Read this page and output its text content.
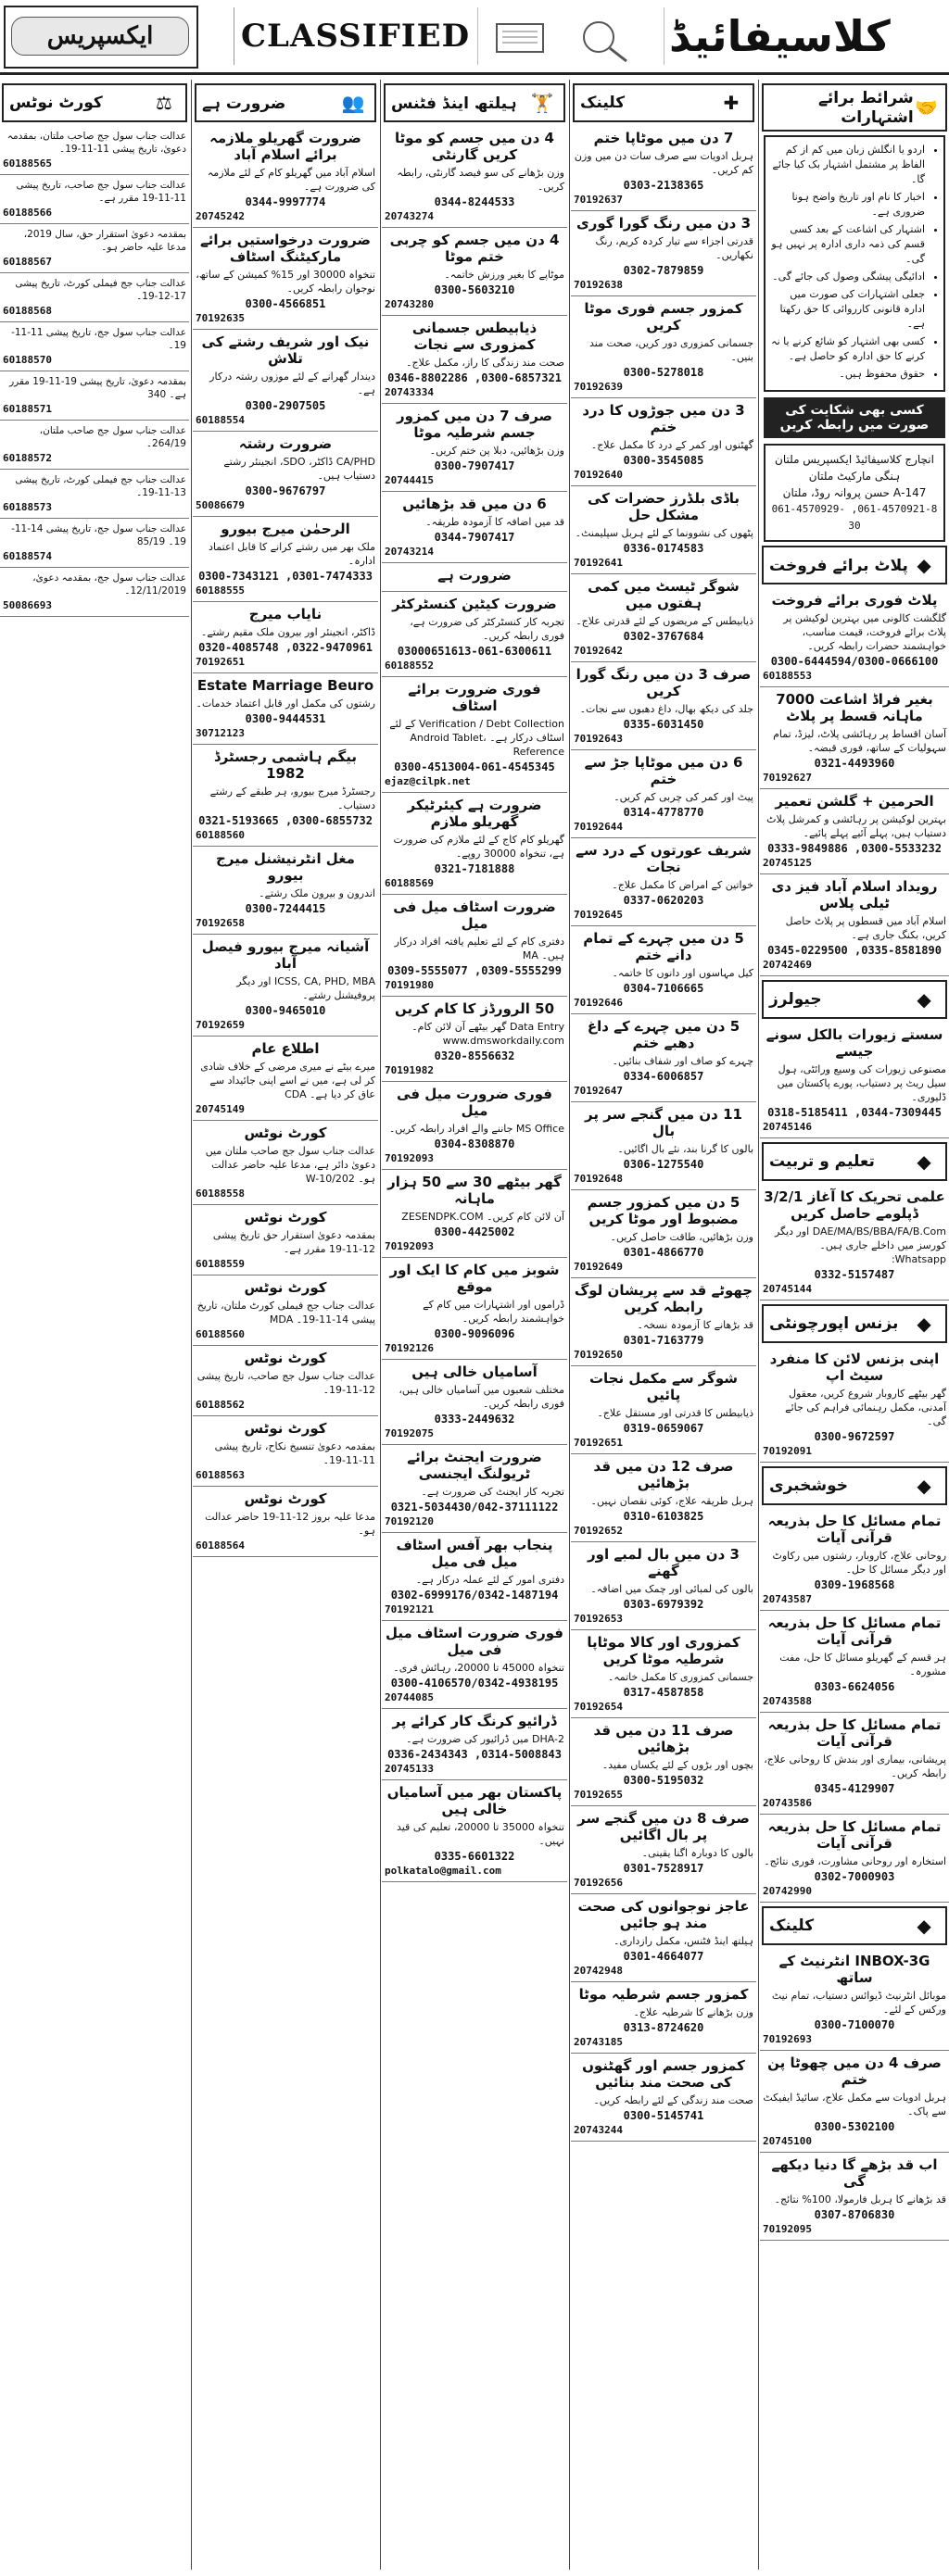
ایکسپریس	CLASSIFIED	کلاسیفائیڈ
⚖
کورٹ نوٹس
عدالت جناب سول جج صاحب ملتان، بمقدمہ دعویٰ، تاریخ پیشی 11-11-19۔
60188565
عدالت جناب سول جج صاحب، تاریخ پیشی 11-11-19 مقرر ہے۔
60188566
بمقدمہ دعویٰ استقرار حق، سال 2019، مدعا علیہ حاضر ہو۔
60188567
عدالت جناب جج فیملی کورٹ، تاریخ پیشی 17-12-19۔
60188568
عدالت جناب سول جج، تاریخ پیشی 11-11-19۔
60188570
بمقدمہ دعویٰ، تاریخ پیشی 19-11-19 مقرر ہے۔ 340
60188571
عدالت جناب سول جج صاحب ملتان، 264/19۔
60188572
عدالت جناب جج فیملی کورٹ، تاریخ پیشی 13-11-19۔
60188573
عدالت جناب سول جج، تاریخ پیشی 14-11-19۔ 85/19
60188574
عدالت جناب سول جج، بمقدمہ دعویٰ، 12/11/2019۔
50086693
👥
ضرورت ہے
ضرورت گھریلو ملازمہ برائے اسلام آباد
اسلام آباد میں گھریلو کام کے لئے ملازمہ کی ضرورت ہے۔
0344-9997774
20745242
ضرورت درخواستیں برائے مارکیٹنگ اسٹاف
تنخواہ 30000 اور 15% کمیشن کے ساتھ، نوجوان رابطہ کریں۔
0300-4566851
70192635
نیک اور شریف رشتے کی تلاش
دیندار گھرانے کے لئے موزوں رشتہ درکار ہے۔
0300-2907505
60188554
ضرورت رشتہ
CA/PHD ڈاکٹر، SDO، انجینئر رشتے دستیاب ہیں۔
0300-9676797
50086679
الرحمٰن میرج بیورو
ملک بھر میں رشتے کرانے کا قابل اعتماد ادارہ۔
0301-7474333, 0300-7343121
60188555
نایاب میرج
ڈاکٹر، انجینئر اور بیرون ملک مقیم رشتے۔
0322-9470961, 0320-4085748
70192651
Estate Marriage Beuro
رشتوں کی مکمل اور قابل اعتماد خدمات۔
0300-9444531
30712123
بیگم ہاشمی رجسٹرڈ 1982
رجسٹرڈ میرج بیورو، ہر طبقے کے رشتے دستیاب۔
0300-6855732, 0321-5193665
60188560
مغل انٹرنیشنل میرج بیورو
اندرون و بیرون ملک رشتے۔
0300-7244415
70192658
آشیانہ میرج بیورو فیصل آباد
ICSS, CA, PHD, MBA اور دیگر پروفیشنل رشتے۔
0300-9465010
70192659
اطلاع عام
میرے بیٹے نے میری مرضی کے خلاف شادی کر لی ہے، میں نے اسے اپنی جائیداد سے عاق کر دیا ہے۔ CDA
20745149
کورٹ نوٹس
عدالت جناب سول جج صاحب ملتان میں دعویٰ دائر ہے، مدعا علیہ حاضر عدالت ہو۔ 202/W-10
60188558
کورٹ نوٹس
بمقدمہ دعویٰ استقرار حق تاریخ پیشی 12-11-19 مقرر ہے۔
60188559
کورٹ نوٹس
عدالت جناب جج فیملی کورٹ ملتان، تاریخ پیشی 14-11-19۔ MDA
60188560
کورٹ نوٹس
عدالت جناب سول جج صاحب، تاریخ پیشی 12-11-19۔
60188562
کورٹ نوٹس
بمقدمہ دعویٰ تنسیخ نکاح، تاریخ پیشی 11-11-19۔
60188563
کورٹ نوٹس
مدعا علیہ بروز 12-11-19 حاضر عدالت ہو۔
60188564
🏋
ہیلتھ اینڈ فٹنس
4 دن میں جسم کو موٹا کریں گارنٹی
وزن بڑھانے کی سو فیصد گارنٹی، رابطہ کریں۔
0344-8244533
20743274
4 دن میں جسم کو چربی ختم موٹا
موٹاپے کا بغیر ورزش خاتمہ۔
0300-5603210
20743280
ذیابیطس جسمانی کمزوری سے نجات
صحت مند زندگی کا راز، مکمل علاج۔
0300-6857321, 0346-8802286
20743334
صرف 7 دن میں کمزور جسم شرطیہ موٹا
وزن بڑھائیں، دبلا پن ختم کریں۔
0300-7907417
20744415
6 دن میں قد بڑھائیں
قد میں اضافہ کا آزمودہ طریقہ۔
0344-7907417
20743214
ضرورت ہے
ضرورت کیٹین کنسٹرکٹر
تجربہ کار کنسٹرکٹر کی ضرورت ہے، فوری رابطہ کریں۔
03000651613-061-6300611
60188552
فوری ضرورت برائے اسٹاف
Verification / Debt Collection کے لئے اسٹاف درکار ہے۔ Android Tablet، Reference
0300-4513004-061-4545345
ejaz@cilpk.net
ضرورت ہے کیئرٹیکر گھریلو ملازم
گھریلو کام کاج کے لئے ملازم کی ضرورت ہے، تنخواہ 30000 روپے۔
0321-7181888
60188569
ضرورت اسٹاف میل فی میل
دفتری کام کے لئے تعلیم یافتہ افراد درکار ہیں۔ MA
0309-5555299, 0309-5555077
70191980
50 الرورڈز کا کام کریں
Data Entry گھر بیٹھے آن لائن کام۔ www.dmsworkdaily.com
0320-8556632
70191982
فوری ضرورت میل فی میل
MS Office جاننے والے افراد رابطہ کریں۔
0304-8308870
70192093
گھر بیٹھے 30 سے 50 ہزار ماہانہ
آن لائن کام کریں۔ ZESENDPK.COM
0300-4425002
70192093
شوبز میں کام کا ایک اور موقع
ڈراموں اور اشتہارات میں کام کے خواہشمند رابطہ کریں۔
0300-9096096
70192126
آسامیاں خالی ہیں
مختلف شعبوں میں آسامیاں خالی ہیں، فوری رابطہ کریں۔
0333-2449632
70192075
ضرورت ایجنٹ برائے ٹریولنگ ایجنسی
تجربہ کار ایجنٹ کی ضرورت ہے۔
0321-5034430/042-37111122
70192120
پنجاب بھر آفس اسٹاف میل فی میل
دفتری امور کے لئے عملہ درکار ہے۔
0302-6999176/0342-1487194
70192121
فوری ضرورت اسٹاف میل فی میل
تنخواہ 45000 تا 20000، رہائش فری۔
0300-4106570/0342-4938195
20744085
ڈرائیو کرنگ کار کرائے پر
DHA-2 میں ڈرائیور کی ضرورت ہے۔
0314-5008843, 0336-2434343
20745133
پاکستان بھر میں آسامیاں خالی ہیں
تنخواہ 35000 تا 20000، تعلیم کی قید نہیں۔
0335-6601322
polkatalo@gmail.com
✚
کلینک
7 دن میں موٹاپا ختم
ہربل ادویات سے صرف سات دن میں وزن کم کریں۔
0303-2138365
70192637
3 دن میں رنگ گورا گوری
قدرتی اجزاء سے تیار کردہ کریم، رنگ نکھاریں۔
0302-7879859
70192638
کمزور جسم فوری موٹا کریں
جسمانی کمزوری دور کریں، صحت مند بنیں۔
0300-5278018
70192639
3 دن میں جوڑوں کا درد ختم
گھٹنوں اور کمر کے درد کا مکمل علاج۔
0300-3545085
70192640
باڈی بلڈرز حضرات کی مشکل حل
پٹھوں کی نشوونما کے لئے ہربل سپلیمنٹ۔
0336-0174583
70192641
شوگر ٹیسٹ میں کمی ہفتوں میں
ذیابیطس کے مریضوں کے لئے قدرتی علاج۔
0302-3767684
70192642
صرف 3 دن میں رنگ گورا کریں
جلد کی دیکھ بھال، داغ دھبوں سے نجات۔
0335-6031450
70192643
6 دن میں موٹاپا جڑ سے ختم
پیٹ اور کمر کی چربی کم کریں۔
0314-4778770
70192644
شریف عورتوں کے درد سے نجات
خواتین کے امراض کا مکمل علاج۔
0337-0620203
70192645
5 دن میں چہرے کے تمام دانے ختم
کیل مہاسوں اور دانوں کا خاتمہ۔
0304-7106665
70192646
5 دن میں چہرے کے داغ دھبے ختم
چہرے کو صاف اور شفاف بنائیں۔
0334-6006857
70192647
11 دن میں گنجے سر پر بال
بالوں کا گرنا بند، نئے بال اگائیں۔
0306-1275540
70192648
5 دن میں کمزور جسم مضبوط اور موٹا کریں
وزن بڑھائیں، طاقت حاصل کریں۔
0301-4866770
70192649
چھوٹے قد سے پریشان لوگ رابطہ کریں
قد بڑھانے کا آزمودہ نسخہ۔
0301-7163779
70192650
شوگر سے مکمل نجات پائیں
ذیابیطس کا قدرتی اور مستقل علاج۔
0319-0659067
70192651
صرف 12 دن میں قد بڑھائیں
ہربل طریقہ علاج، کوئی نقصان نہیں۔
0310-6103825
70192652
3 دن میں بال لمبے اور گھنے
بالوں کی لمبائی اور چمک میں اضافہ۔
0303-6979392
70192653
کمزوری اور کالا موٹاپا شرطیہ موٹا کریں
جسمانی کمزوری کا مکمل خاتمہ۔
0317-4587858
70192654
صرف 11 دن میں قد بڑھائیں
بچوں اور بڑوں کے لئے یکساں مفید۔
0300-5195032
70192655
صرف 8 دن میں گنجے سر پر بال اگائیں
بالوں کا دوبارہ اگنا یقینی۔
0301-7528917
70192656
عاجز نوجوانوں کی صحت مند ہو جائیں
ہیلتھ اینڈ فٹنس، مکمل رازداری۔
0301-4664077
20742948
کمزور جسم شرطیہ موٹا
وزن بڑھانے کا شرطیہ علاج۔
0313-8724620
20743185
کمزور جسم اور گھٹنوں کی صحت مند بنائیں
صحت مند زندگی کے لئے رابطہ کریں۔
0300-5145741
20743244
🤝
شرائط برائے اشتہارات
• اردو یا انگلش زبان میں کم از کم الفاظ پر مشتمل اشتہار بک کیا جائے گا۔
• اخبار کا نام اور تاریخ واضح ہونا ضروری ہے۔
• اشتہار کی اشاعت کے بعد کسی قسم کی ذمہ داری ادارہ پر نہیں ہو گی۔
• ادائیگی پیشگی وصول کی جائے گی۔
• جعلی اشتہارات کی صورت میں ادارہ قانونی کارروائی کا حق رکھتا ہے۔
• کسی بھی اشتہار کو شائع کرنے یا نہ کرنے کا حق ادارہ کو حاصل ہے۔
• حقوق محفوظ ہیں۔
کسی بھی شکایت کی صورت میں رابطہ کریں
انچارج کلاسیفائیڈ ایکسپریس ملتان
ہنگی مارکیٹ ملتان
147-A حسن پروانہ روڈ، ملتان
061-4570921-8, 061-4570929-30
◆
پلاٹ برائے فروخت
پلاٹ فوری برائے فروخت
گلگشت کالونی میں بہترین لوکیشن پر پلاٹ برائے فروخت، قیمت مناسب، خواہشمند حضرات رابطہ کریں۔
0300-6444594/0300-0666100
60188553
بغیر فراڈ اشاعت 7000 ماہانہ قسط پر پلاٹ
آسان اقساط پر رہائشی پلاٹ، لیزڈ، تمام سہولیات کے ساتھ، فوری قبضہ۔
0321-4493960
70192627
الحرمین + گلشن تعمیر
بہترین لوکیشن پر رہائشی و کمرشل پلاٹ دستیاب ہیں، پہلے آئیے پہلے پائیے۔
0300-5533232, 0333-9849886
20745125
رویداد اسلام آباد فیز دی ٹیلی پلاس
اسلام آباد میں قسطوں پر پلاٹ حاصل کریں، بکنگ جاری ہے۔
0335-8581890, 0345-0229500
20742469
◆
جیولرز
سستے زیورات بالکل سونے جیسے
مصنوعی زیورات کی وسیع ورائٹی، ہول سیل ریٹ پر دستیاب، پورے پاکستان میں ڈلیوری۔
0344-7309445, 0318-5185411
20745146
◆
تعلیم و تربیت
علمی تحریک کا آغاز 3/2/1 ڈپلومے حاصل کریں
DAE/MA/BS/BBA/FA/B.Com اور دیگر کورسز میں داخلے جاری ہیں۔ Whatsapp:
0332-5157487
20745144
◆
بزنس اپورچونٹی
اپنی بزنس لائن کا منفرد سیٹ اپ
گھر بیٹھے کاروبار شروع کریں، معقول آمدنی، مکمل رہنمائی فراہم کی جائے گی۔
0300-9672597
70192091
◆
خوشخبری
تمام مسائل کا حل بذریعہ قرآنی آیات
روحانی علاج، کاروبار، رشتوں میں رکاوٹ اور دیگر مسائل کا حل۔
0309-1968568
20743587
تمام مسائل کا حل بذریعہ قرآنی آیات
ہر قسم کے گھریلو مسائل کا حل، مفت مشورہ۔
0303-6624056
20743588
تمام مسائل کا حل بذریعہ قرآنی آیات
پریشانی، بیماری اور بندش کا روحانی علاج، رابطہ کریں۔
0345-4129907
20743586
تمام مسائل کا حل بذریعہ قرآنی آیات
استخارہ اور روحانی مشاورت، فوری نتائج۔
0302-7000903
20742990
◆
کلینک
INBOX-3G انٹرنیٹ کے ساتھ
موبائل انٹرنیٹ ڈیوائس دستیاب، تمام نیٹ ورکس کے لئے۔
0300-7100070
70192693
صرف 4 دن میں چھوٹا پن ختم
ہربل ادویات سے مکمل علاج، سائیڈ ایفیکٹ سے پاک۔
0300-5302100
20745100
اب قد بڑھے گا دنیا دیکھے گی
قد بڑھانے کا ہربل فارمولا، 100% نتائج۔
0307-8706830
70192095
